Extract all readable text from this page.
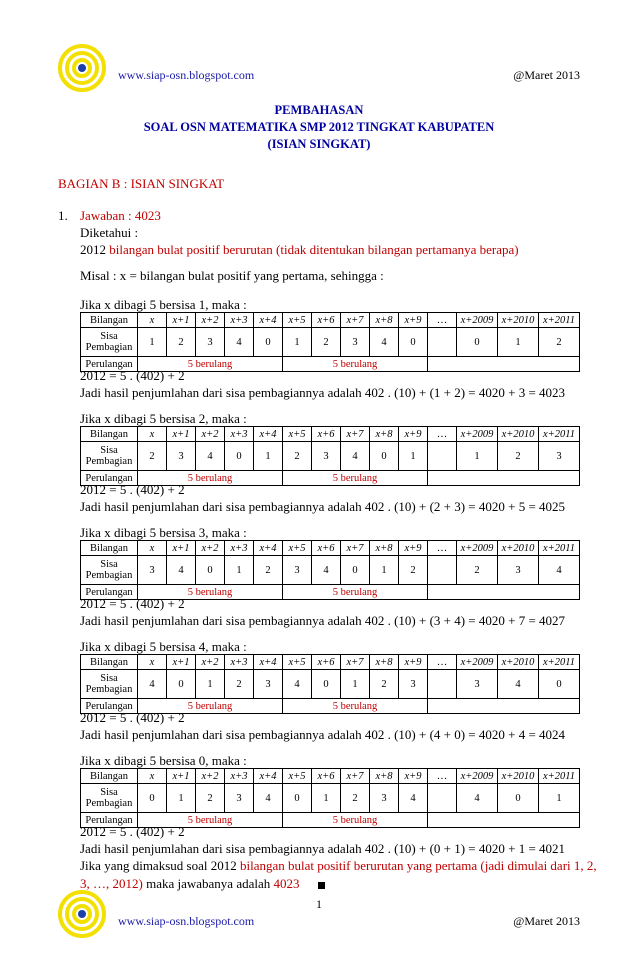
www.siap-osn.blogspot.com	@Maret 2013
PEMBAHASAN
SOAL OSN MATEMATIKA SMP 2012 TINGKAT KABUPATEN
(ISIAN SINGKAT)
BAGIAN B : ISIAN SINGKAT
1. Jawaban : 4023
Diketahui :
2012 bilangan bulat positif berurutan (tidak ditentukan bilangan pertamanya berapa)
Misal : x = bilangan bulat positif yang pertama, sehingga :
Jika x dibagi 5 bersisa 1, maka :
Bilangan	x	x+1	x+2	x+3	x+4	x+5	x+6	x+7	x+8	x+9	…	x+2009	x+2010	x+2011
Sisa Pembagian	1	2	3	4	0	1	2	3	4	0		0	1	2
Perulangan	5 berulang					5 berulang								
2012 = 5 . (402) + 2
Jadi hasil penjumlahan dari sisa pembagiannya adalah 402 . (10) + (1 + 2) = 4020 + 3 = 4023
Jika x dibagi 5 bersisa 2, maka :
Bilangan	x	x+1	x+2	x+3	x+4	x+5	x+6	x+7	x+8	x+9	…	x+2009	x+2010	x+2011
Sisa Pembagian	2	3	4	0	1	2	3	4	0	1		1	2	3
Perulangan	5 berulang					5 berulang								
2012 = 5 . (402) + 2
Jadi hasil penjumlahan dari sisa pembagiannya adalah 402 . (10) + (2 + 3) = 4020 + 5 = 4025
Jika x dibagi 5 bersisa 3, maka :
Bilangan	x	x+1	x+2	x+3	x+4	x+5	x+6	x+7	x+8	x+9	…	x+2009	x+2010	x+2011
Sisa Pembagian	3	4	0	1	2	3	4	0	1	2		2	3	4
Perulangan	5 berulang					5 berulang								
2012 = 5 . (402) + 2
Jadi hasil penjumlahan dari sisa pembagiannya adalah 402 . (10) + (3 + 4) = 4020 + 7 = 4027
Jika x dibagi 5 bersisa 4, maka :
Bilangan	x	x+1	x+2	x+3	x+4	x+5	x+6	x+7	x+8	x+9	…	x+2009	x+2010	x+2011
Sisa Pembagian	4	0	1	2	3	4	0	1	2	3		3	4	0
Perulangan	5 berulang					5 berulang								
2012 = 5 . (402) + 2
Jadi hasil penjumlahan dari sisa pembagiannya adalah 402 . (10) + (4 + 0) = 4020 + 4 = 4024
Jika x dibagi 5 bersisa 0, maka :
Bilangan	x	x+1	x+2	x+3	x+4	x+5	x+6	x+7	x+8	x+9	…	x+2009	x+2010	x+2011
Sisa Pembagian	0	1	2	3	4	0	1	2	3	4		4	0	1
Perulangan	5 berulang					5 berulang								
2012 = 5 . (402) + 2
Jadi hasil penjumlahan dari sisa pembagiannya adalah 402 . (10) + (0 + 1) = 4020 + 1 = 4021
Jika yang dimaksud soal 2012 bilangan bulat positif berurutan yang pertama (jadi dimulai dari 1, 2,
3, …, 2012) maka jawabanya adalah 4023
1
www.siap-osn.blogspot.com	@Maret 2013
